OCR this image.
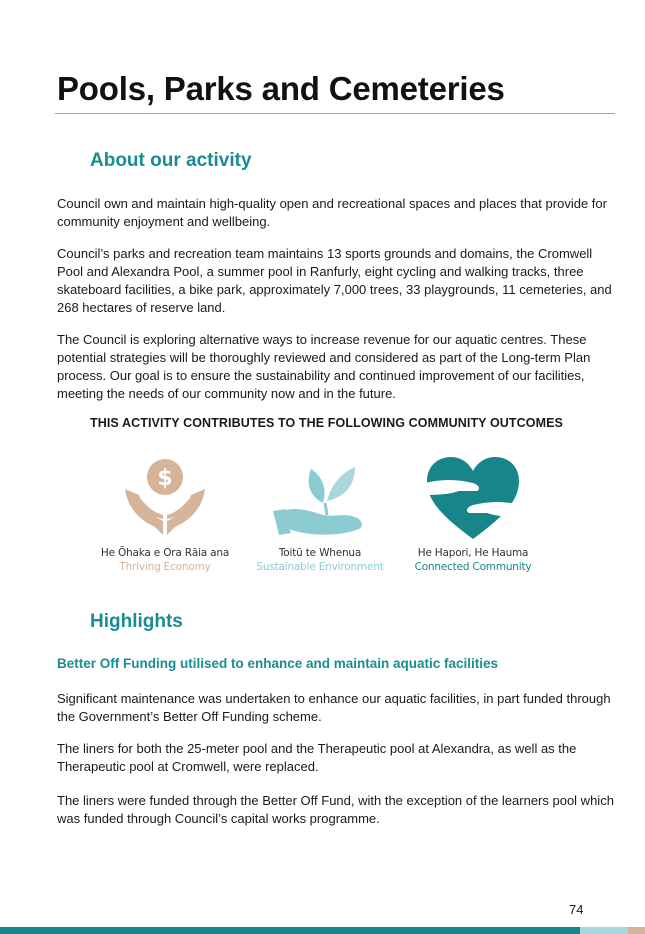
Pools, Parks and Cemeteries
About our activity

Council own and maintain high-quality open and recreational spaces and places that provide for community enjoyment and wellbeing.

Council’s parks and recreation team maintains 13 sports grounds and domains, the Cromwell Pool and Alexandra Pool, a summer pool in Ranfurly, eight cycling and walking tracks, three skateboard facilities, a bike park, approximately 7,000 trees, 33 playgrounds, 11 cemeteries, and 268 hectares of reserve land.

The Council is exploring alternative ways to increase revenue for our aquatic centres. These potential strategies will be thoroughly reviewed and considered as part of the Long-term Plan process. Our goal is to ensure the sustainability and continued improvement of our facilities, meeting the needs of our community now and in the future.

THIS ACTIVITY CONTRIBUTES TO THE FOLLOWING COMMUNITY OUTCOMES

$
He Ōhaka e Ora Rāia ana
Thriving Economy
Toitū te Whenua
Sustainable Environment
He Hapori, He Hauma
Connected Community
Highlights
Better Off Funding utilised to enhance and maintain aquatic facilities

Significant maintenance was undertaken to enhance our aquatic facilities, in part funded through the Government’s Better Off Funding scheme.

The liners for both the 25-meter pool and the Therapeutic pool at Alexandra, as well as the Therapeutic pool at Cromwell, were replaced.

The liners were funded through the Better Off Fund, with the exception of the learners pool which was funded through Council’s capital works programme.

74
